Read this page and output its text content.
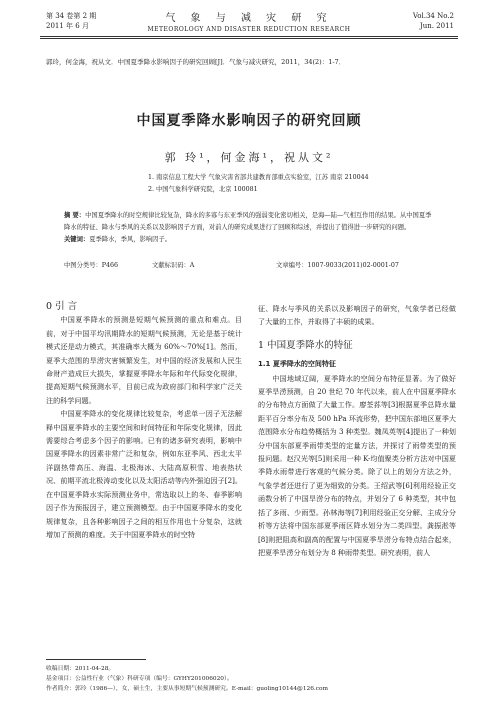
第 34 卷第 2 期
2011 年 6 月
气 象 与 减 灾 研 究
METEOROLOGY AND DISASTER REDUCTION RESEARCH
Vol.34 No.2
Jun. 2011
郭玲，何金海，祝从文．中国夏季降水影响因子的研究回顾[J]．气象与减灾研究，2011，34(2)：1-7．
中国夏季降水影响因子的研究回顾
郭 玲¹，何金海¹，祝从文²
1. 南京信息工程大学 气象灾害省部共建教育部重点实验室，江苏 南京 210044
2. 中国气象科学研究院，北京 100081
摘 要：中国夏季降水的时空规律比较复杂，降水的多寡与东亚季风的强弱变化密切相关，是海—陆—气相互作用的结果。从中国夏季降水的特征、降水与季风的关系以及影响因子方面，对前人的研究成果进行了回顾和综述，并提出了值得进一步研究的问题。
关键词：夏季降水，季风，影响因子。
中图分类号：P466	文献标识码：A	文章编号：1007-9033(2011)02-0001-07

0 引 言

中国夏季降水的预测是短期气候预测的重点和难点。目前，对于中国平均汛期降水的短期气候预测，无论是基于统计模式还是动力模式，其准确率大概为 60%～70%[1]。然而，夏季大范围的旱涝灾害频繁发生，对中国的经济发展和人民生命财产造成巨大损失，掌握夏季降水年际和年代际变化规律，提高短期气候预测水平，目前已成为政府部门和科学家广泛关注的科学问题。

中国夏季降水的变化规律比较复杂，考虑单一因子无法解释中国夏季降水的主要空间和时间特征和年际变化规律，因此需要综合考虑多个因子的影响。已有的诸多研究表明，影响中国夏季降水的因素非常广泛和复杂，例如东亚季风、西北太平洋副热带高压、海温、北极海冰、大陆高原积雪、地表热状况、前期平流北极涛动变化以及太阳活动等内外强迫因子[2]。在中国夏季降水实际预测业务中，常选取以上的冬、春季影响因子作为预报因子，建立预测模型。由于中国夏季降水的变化规律复杂，且各种影响因子之间的相互作用也十分复杂，这就增加了预测的难度。关于中国夏季降水的时空特

征、降水与季风的关系以及影响因子的研究，气象学者已经做了大量的工作，并取得了丰硕的成果。

1 中国夏季降水的特征

1.1 夏季降水的空间特征

中国地域辽阔，夏季降水的空间分布特征显著。为了做好夏季旱涝预测，自 20 世纪 70 年代以来，前人在中国夏季降水的分布特点方面做了大量工作。廖荃荪等[3]根据夏季总降水量距平百分率分布及 500 hPa 环流形势，把中国东部地区夏季大范围降水分布趋势概括为 3 种类型。魏凤英等[4]提出了一种划分中国东部夏季雨带类型的定量方法，并探讨了雨带类型的预报问题。赵汉光等[5]则采用一种 K-均值聚类分析方法对中国夏季降水雨带进行客观的气候分类。除了以上的划分方法之外，气象学者还进行了更为细致的分类。王绍武等[6]利用经验正交函数分析了中国旱涝分布的特点，并划分了 6 种类型，其中包括了多雨、少雨型。孙林海等[7]利用经验正交分解、主成分分析等方法将中国东部夏季雨区降水划分为二类四型。龚振淞等[8]则把阻高和副高的配置与中国夏季旱涝分布特点结合起来，把夏季旱涝分布划分为 8 种雨带类型。研究表明，前人

收稿日期：2011-04-28。
基金项目：公益性行业（气象）科研专项（编号：GYHY201006020）。
作者简介：郭玲（1986—），女，硕士生，主要从事短期气候预测研究。E-mail：guoling10144@126.com
